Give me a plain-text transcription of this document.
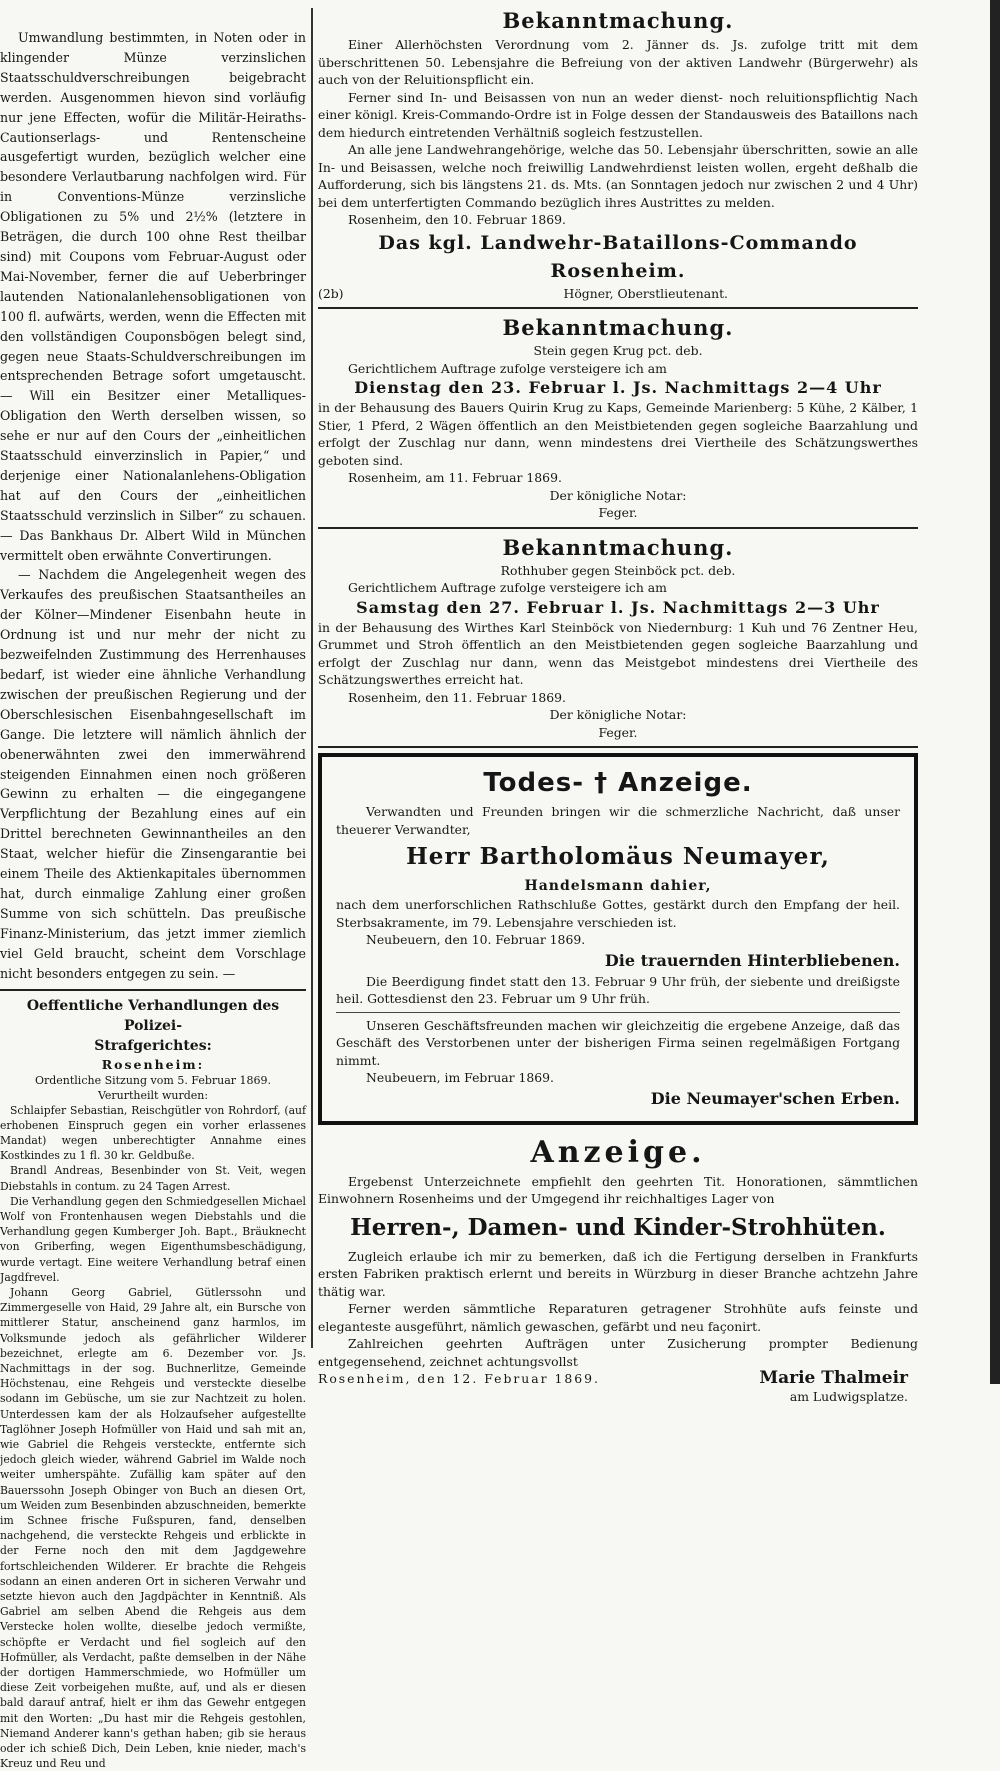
Umwandlung bestimmten, in Noten oder in klingender Münze verzinslichen Staatsschuldverschreibungen beigebracht werden. Ausgenommen hievon sind vorläufig nur jene Effecten, wofür die Militär-Heiraths-Cautionserlags- und Rentenscheine ausgefertigt wurden, bezüglich welcher eine besondere Verlautbarung nachfolgen wird. Für in Conventions-Münze verzinsliche Obligationen zu 5% und 2½% (letztere in Beträgen, die durch 100 ohne Rest theilbar sind) mit Coupons vom Februar-August oder Mai-November, ferner die auf Ueberbringer lautenden Nationalanlehensobligationen von 100 fl. aufwärts, werden, wenn die Effecten mit den vollständigen Couponsbögen belegt sind, gegen neue Staats-Schuldverschreibungen im entsprechenden Betrage sofort umgetauscht. — Will ein Besitzer einer Metalliques-Obligation den Werth derselben wissen, so sehe er nur auf den Cours der „einheitlichen Staatsschuld einverzinslich in Papier,“ und derjenige einer Nationalanlehens-Obligation hat auf den Cours der „einheitlichen Staatsschuld verzinslich in Silber“ zu schauen. — Das Bankhaus Dr. Albert Wild in München vermittelt oben erwähnte Convertirungen.

— Nachdem die Angelegenheit wegen des Verkaufes des preußischen Staatsantheiles an der Kölner—Mindener Eisenbahn heute in Ordnung ist und nur mehr der nicht zu bezweifelnden Zustimmung des Herrenhauses bedarf, ist wieder eine ähnliche Verhandlung zwischen der preußischen Regierung und der Oberschlesischen Eisenbahngesellschaft im Gange. Die letztere will nämlich ähnlich der obenerwähnten zwei den immerwährend steigenden Einnahmen einen noch größeren Gewinn zu erhalten — die eingegangene Verpflichtung der Bezahlung eines auf ein Drittel berechneten Gewinnantheiles an den Staat, welcher hiefür die Zinsengarantie bei einem Theile des Aktienkapitales übernommen hat, durch einmalige Zahlung einer großen Summe von sich schütteln. Das preußische Finanz-Ministerium, das jetzt immer ziemlich viel Geld braucht, scheint dem Vorschlage nicht besonders entgegen zu sein. —

Oeffentliche Verhandlungen des Polizei-
Strafgerichtes:
Rosenheim:
Ordentliche Sitzung vom 5. Februar 1869.
Verurtheilt wurden:

Schlaipfer Sebastian, Reischgütler von Rohrdorf, (auf erhobenen Einspruch gegen ein vorher erlassenes Mandat) wegen unberechtigter Annahme eines Kostkindes zu 1 fl. 30 kr. Geldbuße.

Brandl Andreas, Besenbinder von St. Veit, wegen Diebstahls in contum. zu 24 Tagen Arrest.

Die Verhandlung gegen den Schmiedgesellen Michael Wolf von Frontenhausen wegen Diebstahls und die Verhandlung gegen Kumberger Joh. Bapt., Bräuknecht von Griberfing, wegen Eigenthumsbeschädigung, wurde vertagt. Eine weitere Verhandlung betraf einen Jagdfrevel.

Johann Georg Gabriel, Gütlerssohn und Zimmergeselle von Haid, 29 Jahre alt, ein Bursche von mittlerer Statur, anscheinend ganz harmlos, im Volksmunde jedoch als gefährlicher Wilderer bezeichnet, erlegte am 6. Dezember vor. Js. Nachmittags in der sog. Buchnerlitze, Gemeinde Höchstenau, eine Rehgeis und versteckte dieselbe sodann im Gebüsche, um sie zur Nachtzeit zu holen. Unterdessen kam der als Holzaufseher aufgestellte Taglöhner Joseph Hofmüller von Haid und sah mit an, wie Gabriel die Rehgeis versteckte, entfernte sich jedoch gleich wieder, während Gabriel im Walde noch weiter umherspähte. Zufällig kam später auf den Bauerssohn Joseph Obinger von Buch an diesen Ort, um Weiden zum Besenbinden abzuschneiden, bemerkte im Schnee frische Fußspuren, fand, denselben nachgehend, die versteckte Rehgeis und erblickte in der Ferne noch den mit dem Jagdgewehre fortschleichenden Wilderer. Er brachte die Rehgeis sodann an einen anderen Ort in sicheren Verwahr und setzte hievon auch den Jagdpächter in Kenntniß. Als Gabriel am selben Abend die Rehgeis aus dem Verstecke holen wollte, dieselbe jedoch vermißte, schöpfte er Verdacht und fiel sogleich auf den Hofmüller, als Verdacht, paßte demselben in der Nähe der dortigen Hammerschmiede, wo Hofmüller um diese Zeit vorbeigehen mußte, auf, und als er diesen bald darauf antraf, hielt er ihm das Gewehr entgegen mit den Worten: „Du hast mir die Rehgeis gestohlen, Niemand Anderer kann's gethan haben; gib sie heraus oder ich schieß Dich, Dein Leben, knie nieder, mach's Kreuz und Reu und

Bekanntmachung.

Einer Allerhöchsten Verordnung vom 2. Jänner ds. Js. zufolge tritt mit dem überschrittenen 50. Lebensjahre die Befreiung von der aktiven Landwehr (Bürgerwehr) als auch von der Reluitionspflicht ein.

Ferner sind In- und Beisassen von nun an weder dienst- noch reluitionspflichtig Nach einer königl. Kreis-Commando-Ordre ist in Folge dessen der Standausweis des Bataillons nach dem hiedurch eintretenden Verhältniß sogleich festzustellen.

An alle jene Landwehrangehörige, welche das 50. Lebensjahr überschritten, sowie an alle In- und Beisassen, welche noch freiwillig Landwehrdienst leisten wollen, ergeht deßhalb die Aufforderung, sich bis längstens 21. ds. Mts. (an Sonntagen jedoch nur zwischen 2 und 4 Uhr) bei dem unterfertigten Commando bezüglich ihres Austrittes zu melden.

Rosenheim, den 10. Februar 1869.

Das kgl. Landwehr-Bataillons-Commando Rosenheim.
(2b)	Högner, Oberstlieutenant.
Bekanntmachung.

Stein gegen Krug pct. deb.

Gerichtlichem Auftrage zufolge versteigere ich am

Dienstag den 23. Februar l. Js. Nachmittags 2—4 Uhr

in der Behausung des Bauers Quirin Krug zu Kaps, Gemeinde Marienberg: 5 Kühe, 2 Kälber, 1 Stier, 1 Pferd, 2 Wägen öffentlich an den Meistbietenden gegen sogleiche Baarzahlung und erfolgt der Zuschlag nur dann, wenn mindestens drei Viertheile des Schätzungswerthes geboten sind.

Rosenheim, am 11. Februar 1869.

Der königliche Notar:

Feger.

Bekanntmachung.

Rothhuber gegen Steinböck pct. deb.

Gerichtlichem Auftrage zufolge versteigere ich am

Samstag den 27. Februar l. Js. Nachmittags 2—3 Uhr

in der Behausung des Wirthes Karl Steinböck von Niedernburg: 1 Kuh und 76 Zentner Heu, Grummet und Stroh öffentlich an den Meistbietenden gegen sogleiche Baarzahlung und erfolgt der Zuschlag nur dann, wenn das Meistgebot mindestens drei Viertheile des Schätzungswerthes erreicht hat.

Rosenheim, den 11. Februar 1869.

Der königliche Notar:

Feger.

Todes- † Anzeige.

Verwandten und Freunden bringen wir die schmerzliche Nachricht, daß unser theuerer Verwandter,

Herr Bartholomäus Neumayer,
Handelsmann dahier,

nach dem unerforschlichen Rathschluße Gottes, gestärkt durch den Empfang der heil. Sterbsakramente, im 79. Lebensjahre verschieden ist.

Neubeuern, den 10. Februar 1869.

Die trauernden Hinterbliebenen.

Die Beerdigung findet statt den 13. Februar 9 Uhr früh, der siebente und dreißigste heil. Gottesdienst den 23. Februar um 9 Uhr früh.

Unseren Geschäftsfreunden machen wir gleichzeitig die ergebene Anzeige, daß das Geschäft des Verstorbenen unter der bisherigen Firma seinen regelmäßigen Fortgang nimmt.

Neubeuern, im Februar 1869.

Die Neumayer'schen Erben.
Anzeige.

Ergebenst Unterzeichnete empfiehlt den geehrten Tit. Honorationen, sämmtlichen Einwohnern Rosenheims und der Umgegend ihr reichhaltiges Lager von

Herren-, Damen- und Kinder-Strohhüten.

Zugleich erlaube ich mir zu bemerken, daß ich die Fertigung derselben in Frankfurts ersten Fabriken praktisch erlernt und bereits in Würzburg in dieser Branche achtzehn Jahre thätig war.

Ferner werden sämmtliche Reparaturen getragener Strohhüte aufs feinste und eleganteste ausgeführt, nämlich gewaschen, gefärbt und neu façonirt.

Zahlreichen geehrten Aufträgen unter Zusicherung prompter Bedienung entgegensehend, zeichnet achtungsvollst

Rosenheim, den 12. Februar 1869.	Marie Thalmeir
am Ludwigsplatze.
